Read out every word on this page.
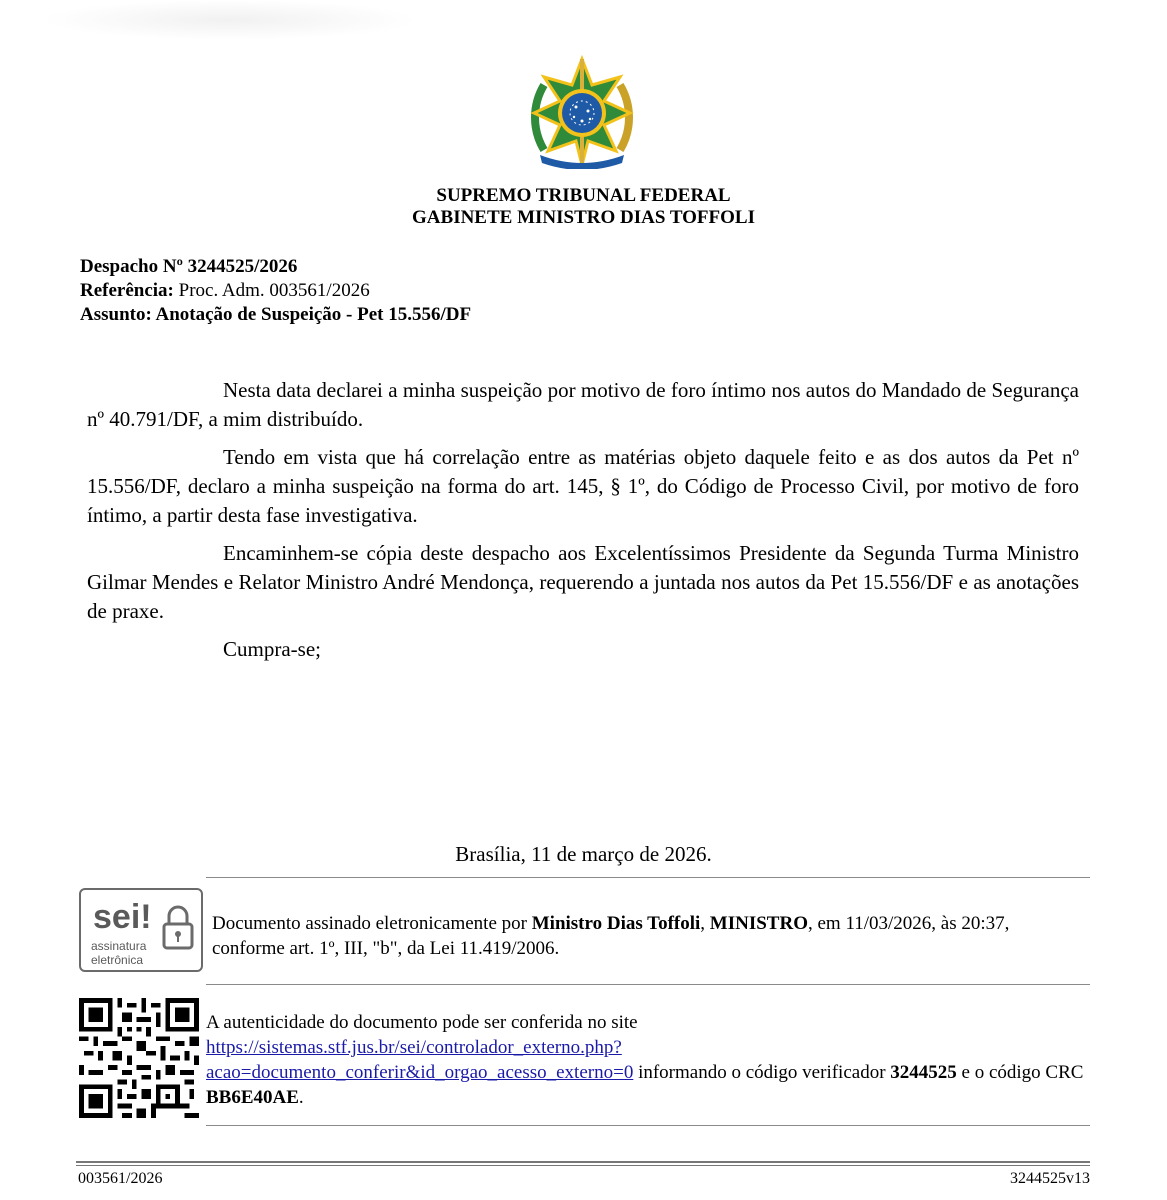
SUPREMO TRIBUNAL FEDERAL
GABINETE MINISTRO DIAS TOFFOLI
Despacho Nº 3244525/2026
Referência: Proc. Adm. 003561/2026
Assunto: Anotação de Suspeição - Pet 15.556/DF

Nesta data declarei a minha suspeição por motivo de foro íntimo nos autos do Mandado de Segurança nº 40.791/DF, a mim distribuído.

Tendo em vista que há correlação entre as matérias objeto daquele feito e as dos autos da Pet nº 15.556/DF, declaro a minha suspeição na forma do art. 145, § 1º, do Código de Processo Civil, por motivo de foro íntimo, a partir desta fase investigativa.

Encaminhem-se cópia deste despacho aos Excelentíssimos Presidente da Segunda Turma Ministro Gilmar Mendes e Relator Ministro André Mendonça, requerendo a juntada nos autos da Pet 15.556/DF e as anotações de praxe.

Cumpra-se;

Brasília, 11 de março de 2026.
sei!
assinatura
eletrônica
Documento assinado eletronicamente por Ministro Dias Toffoli, MINISTRO, em 11/03/2026, às 20:37, conforme art. 1º, III, "b", da Lei 11.419/2006.
A autenticidade do documento pode ser conferida no site
https://sistemas.stf.jus.br/sei/controlador_externo.php?
acao=documento_conferir&id_orgao_acesso_externo=0 informando o código verificador 3244525 e o código CRC BB6E40AE.
003561/2026	3244525v13
